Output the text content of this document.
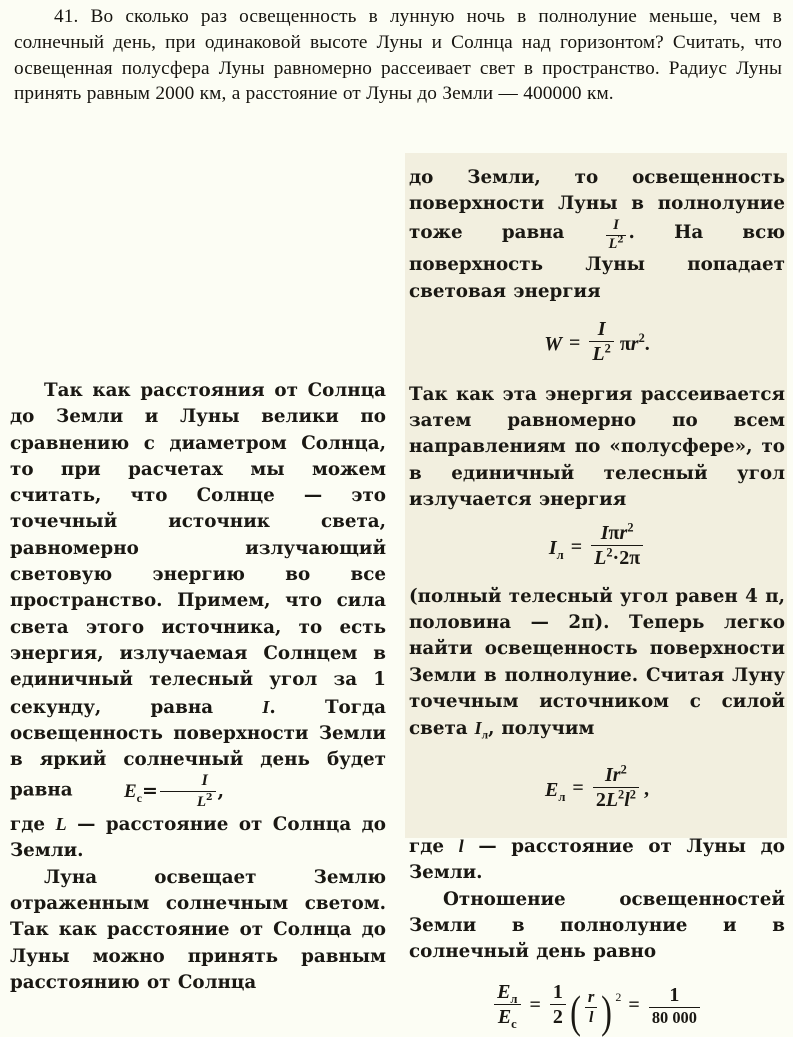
41. Во сколько раз освещенность в лунную ночь в полнолуние меньше, чем в солнечный день, при одинаковой высоте Луны и Солнца над горизонтом? Считать, что освещенная полусфера Луны равномерно рассеивает свет в пространство. Радиус Луны принять равным 2000 км, а расстояние от Луны до Земли — 400000 км.

Так как расстояния от Солнца до Земли и Луны велики по сравнению с диаметром Солнца, то при расчетах мы можем считать, что Солнце — это точечный источник света, равномерно излучающий световую энергию во все пространство. Примем, что сила света этого источника, то есть энергия, излучаемая Солнцем в единичный телесный угол за 1 секунду, равна	I. Тогда освещенность поверхности Земли в яркий солнечный день будет равна	$E_с= \frac{I}{L^2}$ ,

где L — расстояние от Солнца до Земли.

Луна освещает Землю отраженным солнечным светом. Так как расстояние от Солнца до Луны можно принять равным расстоянию от Солнца

до Земли, то освещенность поверхности Луны в полнолуние тоже равна	$\frac{I}{L^2}$ . На всю поверхность Луны попадает световая энергия

$W = \frac{I}{L^2} \pi r^2$.

Так как эта энергия рассеивается затем равномерно по всем направлениям по «полусфере», то в единичный телесный угол излучается энергия

$I_л = \frac{I\pi r^2}{L^2\cdot 2\pi}$

(полный телесный угол равен 4 π, половина — 2π). Теперь легко найти освещенность поверхности Земли в полнолуние. Считая Луну точечным источником с силой света $I_л$, получим

$E_л = \frac{Ir^2}{2L^2l^2}$ ,

где l — расстояние от Луны до Земли.

Отношение освещенностей Земли в полнолуние и в солнечный день равно

$\frac{E_л}{E_с} = \frac{1}{2}$ ( $\frac{r}{l}$ ) $^2 = \frac{1}{80 000}$
